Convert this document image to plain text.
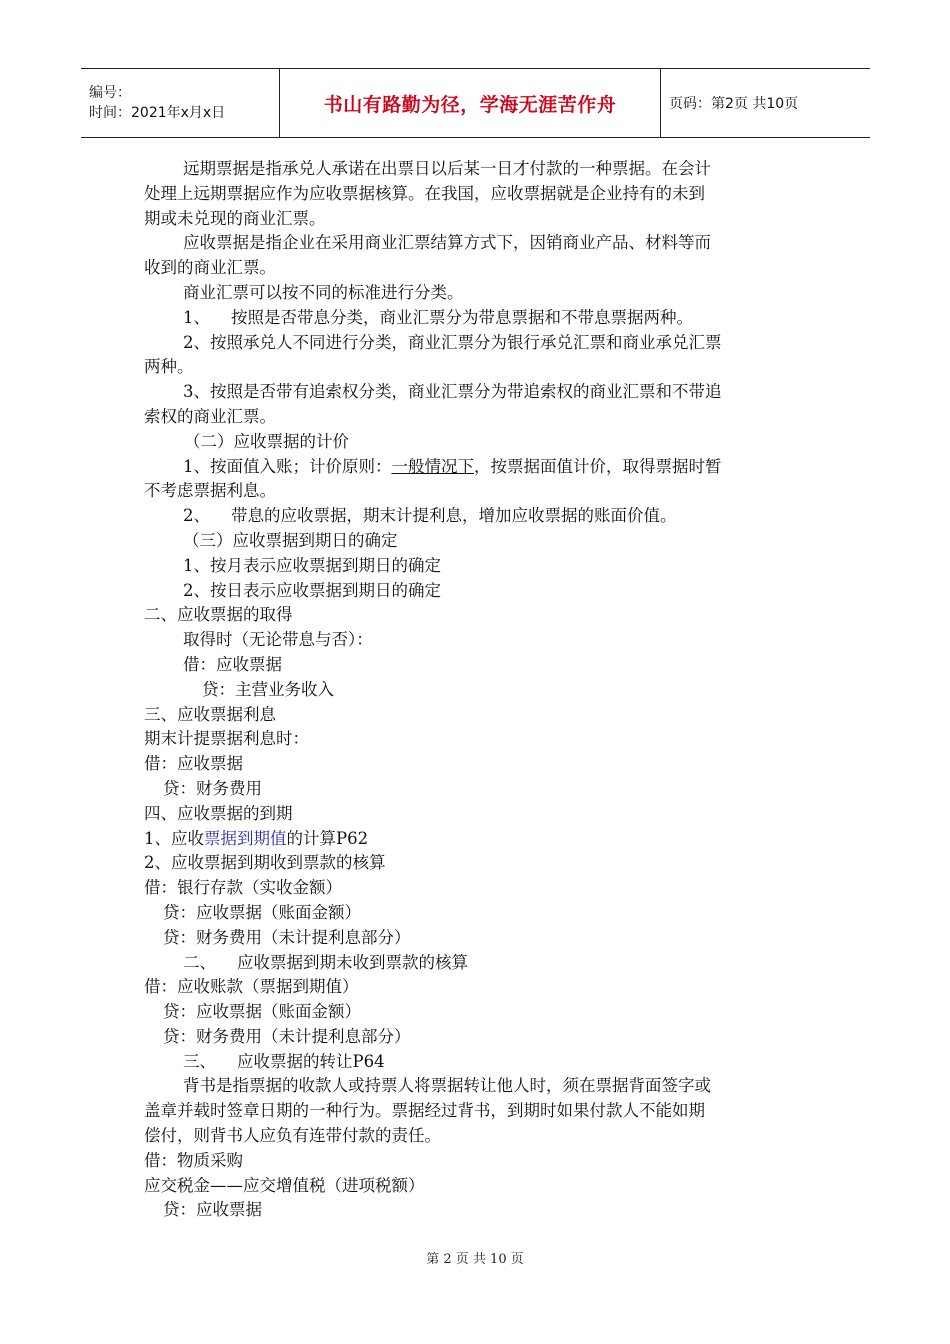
编号：
时间：2021年x月x日	书山有路勤为径，学海无涯苦作舟	页码：第2页 共10页

远期票据是指承兑人承诺在出票日以后某一日才付款的一种票据。在会计

处理上远期票据应作为应收票据核算。在我国，应收票据就是企业持有的未到

期或未兑现的商业汇票。

应收票据是指企业在采用商业汇票结算方式下，因销商业产品、材料等而

收到的商业汇票。

商业汇票可以按不同的标准进行分类。

1、    按照是否带息分类，商业汇票分为带息票据和不带息票据两种。

2、按照承兑人不同进行分类，商业汇票分为银行承兑汇票和商业承兑汇票

两种。

3、按照是否带有追索权分类，商业汇票分为带追索权的商业汇票和不带追

索权的商业汇票。

（二）应收票据的计价

1、按面值入账；计价原则：一般情况下，按票据面值计价，取得票据时暂

不考虑票据利息。

2、    带息的应收票据，期末计提利息，增加应收票据的账面价值。

（三）应收票据到期日的确定

1、按月表示应收票据到期日的确定

2、按日表示应收票据到期日的确定

二、应收票据的取得

取得时（无论带息与否）：

借：应收票据

贷：主营业务收入

三、应收票据利息

期末计提票据利息时：

借：应收票据

贷：财务费用

四、应收票据的到期

1、应收票据到期值的计算P62

2、应收票据到期收到票款的核算

借：银行存款（实收金额）

贷：应收票据（账面金额）

贷：财务费用（未计提利息部分）

二、    应收票据到期未收到票款的核算

借：应收账款（票据到期值）

贷：应收票据（账面金额）

贷：财务费用（未计提利息部分）

三、    应收票据的转让P64

背书是指票据的收款人或持票人将票据转让他人时，须在票据背面签字或

盖章并载时签章日期的一种行为。票据经过背书，到期时如果付款人不能如期

偿付，则背书人应负有连带付款的责任。

借：物质采购

应交税金——应交增值税（进项税额）

贷：应收票据

第 2 页 共 10 页
